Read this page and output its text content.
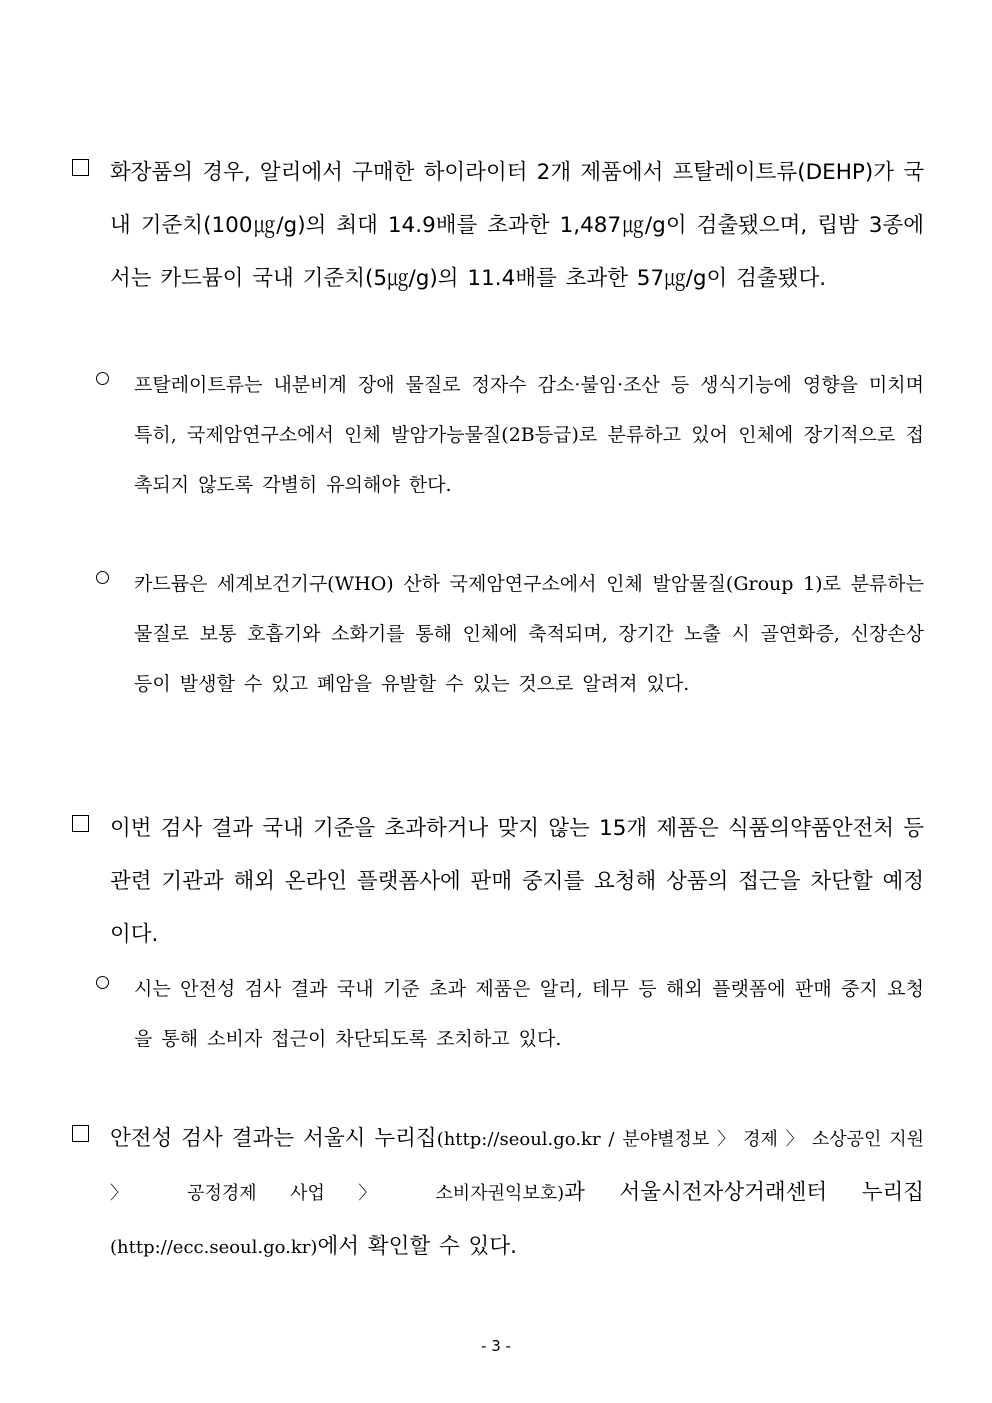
화장품의 경우, 알리에서 구매한 하이라이터 2개 제품에서 프탈레이트류(DEHP)가 국내 기준치(100㎍/g)의 최대 14.9배를 초과한 1,487㎍/g이 검출됐으며, 립밤 3종에서는 카드뮴이 국내 기준치(5㎍/g)의 11.4배를 초과한 57㎍/g이 검출됐다.
프탈레이트류는 내분비계 장애 물질로 정자수 감소·불임·조산 등 생식기능에 영향을 미치며 특히, 국제암연구소에서 인체 발암가능물질(2B등급)로 분류하고 있어 인체에 장기적으로 접촉되지 않도록 각별히 유의해야 한다.
카드뮴은 세계보건기구(WHO) 산하 국제암연구소에서 인체 발암물질(Group 1)로 분류하는 물질로 보통 호흡기와 소화기를 통해 인체에 축적되며, 장기간 노출 시 골연화증, 신장손상 등이 발생할 수 있고 폐암을 유발할 수 있는 것으로 알려져 있다.
이번 검사 결과 국내 기준을 초과하거나 맞지 않는 15개 제품은 식품의약품안전처 등 관련 기관과 해외 온라인 플랫폼사에 판매 중지를 요청해 상품의 접근을 차단할 예정이다.
시는 안전성 검사 결과 국내 기준 초과 제품은 알리, 테무 등 해외 플랫폼에 판매 중지 요청을 통해 소비자 접근이 차단되도록 조치하고 있다.
안전성 검사 결과는 서울시 누리집(http://seoul.go.kr / 분야별정보 〉 경제 〉 소상공인 지원 〉 공정경제 사업 〉 소비자권익보호)과 서울시전자상거래센터 누리집(http://ecc.seoul.go.kr)에서 확인할 수 있다.
- 3 -
